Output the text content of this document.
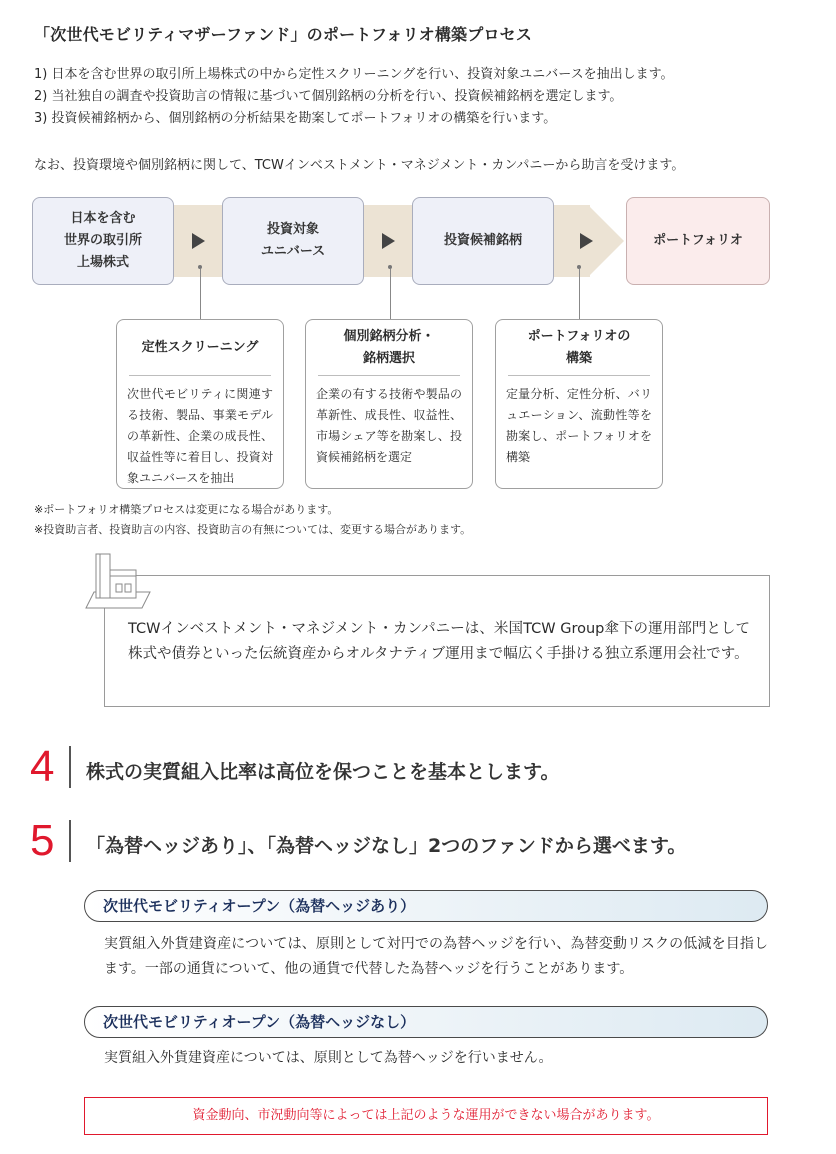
「次世代モビリティマザーファンド」のポートフォリオ構築プロセス
1) 日本を含む世界の取引所上場株式の中から定性スクリーニングを行い、投資対象ユニバースを抽出します。
2) 当社独自の調査や投資助言の情報に基づいて個別銘柄の分析を行い、投資候補銘柄を選定します。
3) 投資候補銘柄から、個別銘柄の分析結果を勘案してポートフォリオの構築を行います。
なお、投資環境や個別銘柄に関して、TCWインベストメント・マネジメント・カンパニーから助言を受けます。
日本を含む
世界の取引所
上場株式
投資対象
ユニバース
投資候補銘柄	ポートフォリオ
定性スクリーニング
次世代モビリティに関連する技術、製品、事業モデルの革新性、企業の成長性、収益性等に着目し、投資対象ユニバースを抽出
個別銘柄分析・
銘柄選択
企業の有する技術や製品の革新性、成長性、収益性、市場シェア等を勘案し、投資候補銘柄を選定
ポートフォリオの
構築
定量分析、定性分析、バリュエーション、流動性等を勘案し、ポートフォリオを構築
※ポートフォリオ構築プロセスは変更になる場合があります。
※投資助言者、投資助言の内容、投資助言の有無については、変更する場合があります。
TCWインベストメント・マネジメント・カンパニーは、米国TCW Group傘下の運用部門として株式や債券といった伝統資産からオルタナティブ運用まで幅広く手掛ける独立系運用会社です。
4 株式の実質組入比率は高位を保つことを基本とします。
5 「為替ヘッジあり」、「為替ヘッジなし」2つのファンドから選べます。
次世代モビリティオープン（為替ヘッジあり）
実質組入外貨建資産については、原則として対円での為替ヘッジを行い、為替変動リスクの低減を目指します。一部の通貨について、他の通貨で代替した為替ヘッジを行うことがあります。
次世代モビリティオープン（為替ヘッジなし）
実質組入外貨建資産については、原則として為替ヘッジを行いません。
資金動向、市況動向等によっては上記のような運用ができない場合があります。
